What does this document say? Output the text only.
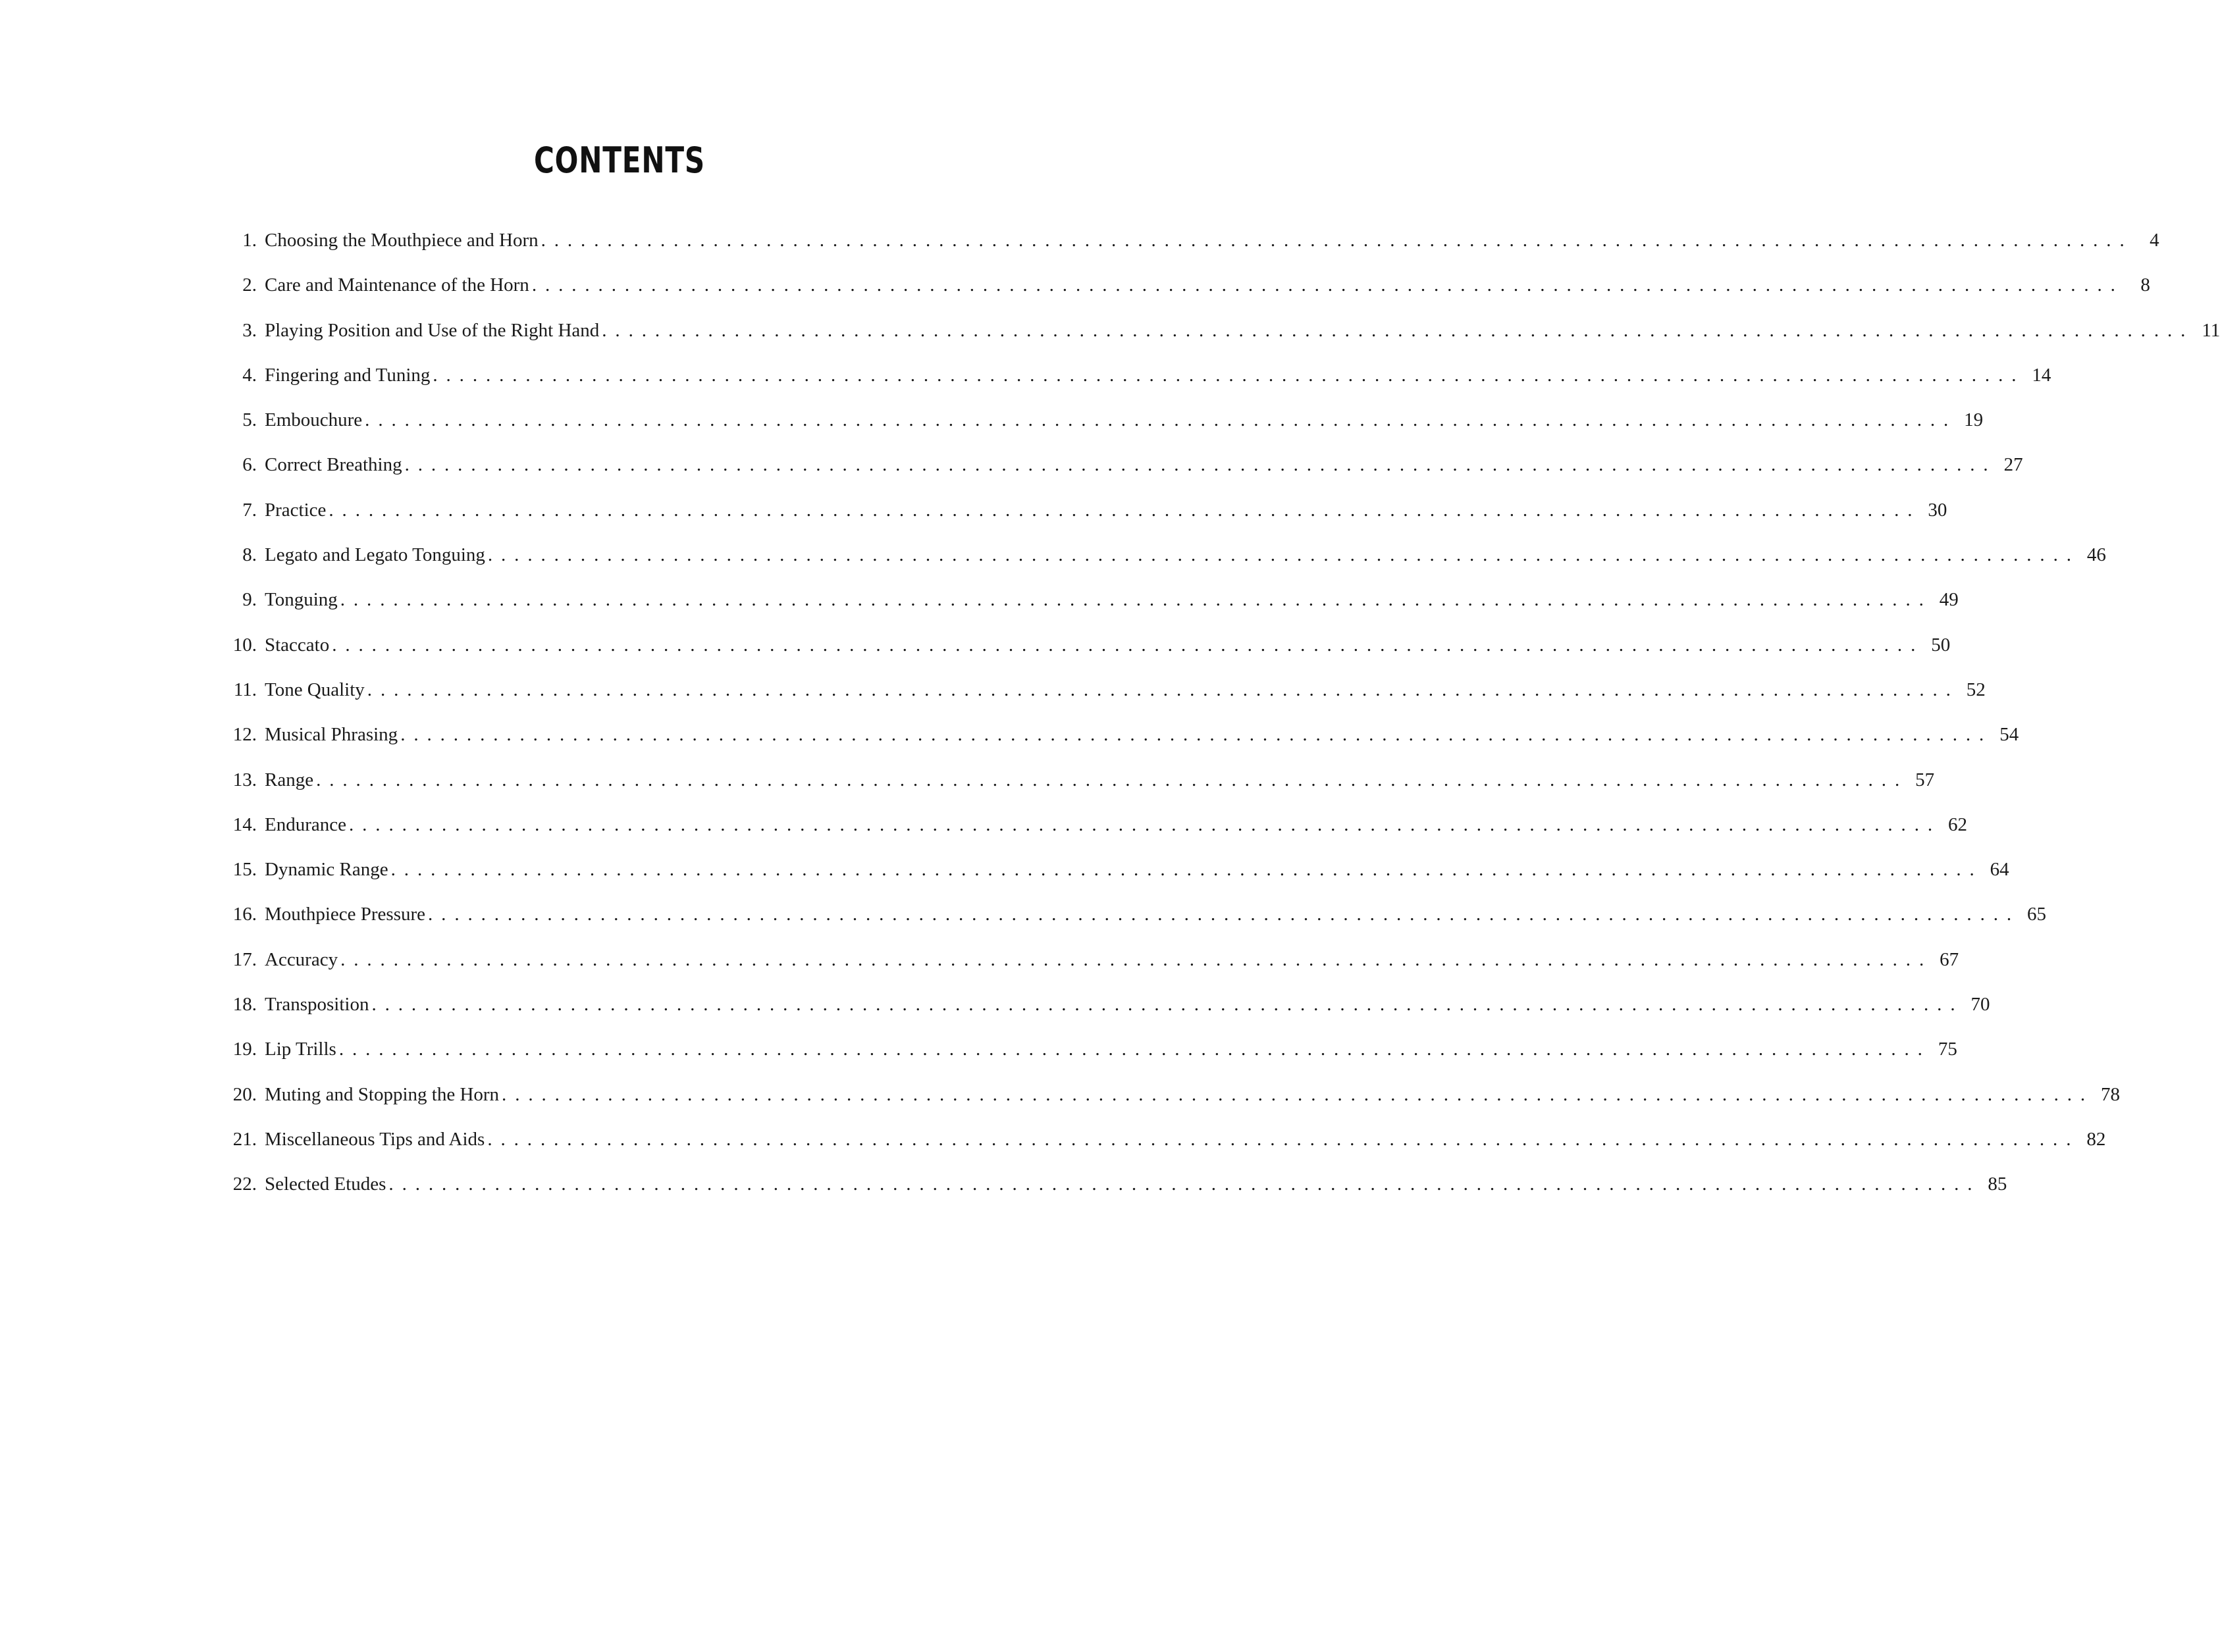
CONTENTS
1. Choosing the Mouthpiece and Horn ........................................................................................................................ 4
2. Care and Maintenance of the Horn ........................................................................................................................ 8
3. Playing Position and Use of the Right Hand ........................................................................................................................ 11
4. Fingering and Tuning ........................................................................................................................ 14
5. Embouchure ........................................................................................................................ 19
6. Correct Breathing ........................................................................................................................ 27
7. Practice ........................................................................................................................ 30
8. Legato and Legato Tonguing ........................................................................................................................ 46
9. Tonguing ........................................................................................................................ 49
10. Staccato ........................................................................................................................ 50
11. Tone Quality ........................................................................................................................ 52
12. Musical Phrasing ........................................................................................................................ 54
13. Range ........................................................................................................................ 57
14. Endurance ........................................................................................................................ 62
15. Dynamic Range ........................................................................................................................ 64
16. Mouthpiece Pressure ........................................................................................................................ 65
17. Accuracy ........................................................................................................................ 67
18. Transposition ........................................................................................................................ 70
19. Lip Trills ........................................................................................................................ 75
20. Muting and Stopping the Horn ........................................................................................................................ 78
21. Miscellaneous Tips and Aids ........................................................................................................................ 82
22. Selected Etudes ........................................................................................................................ 85
